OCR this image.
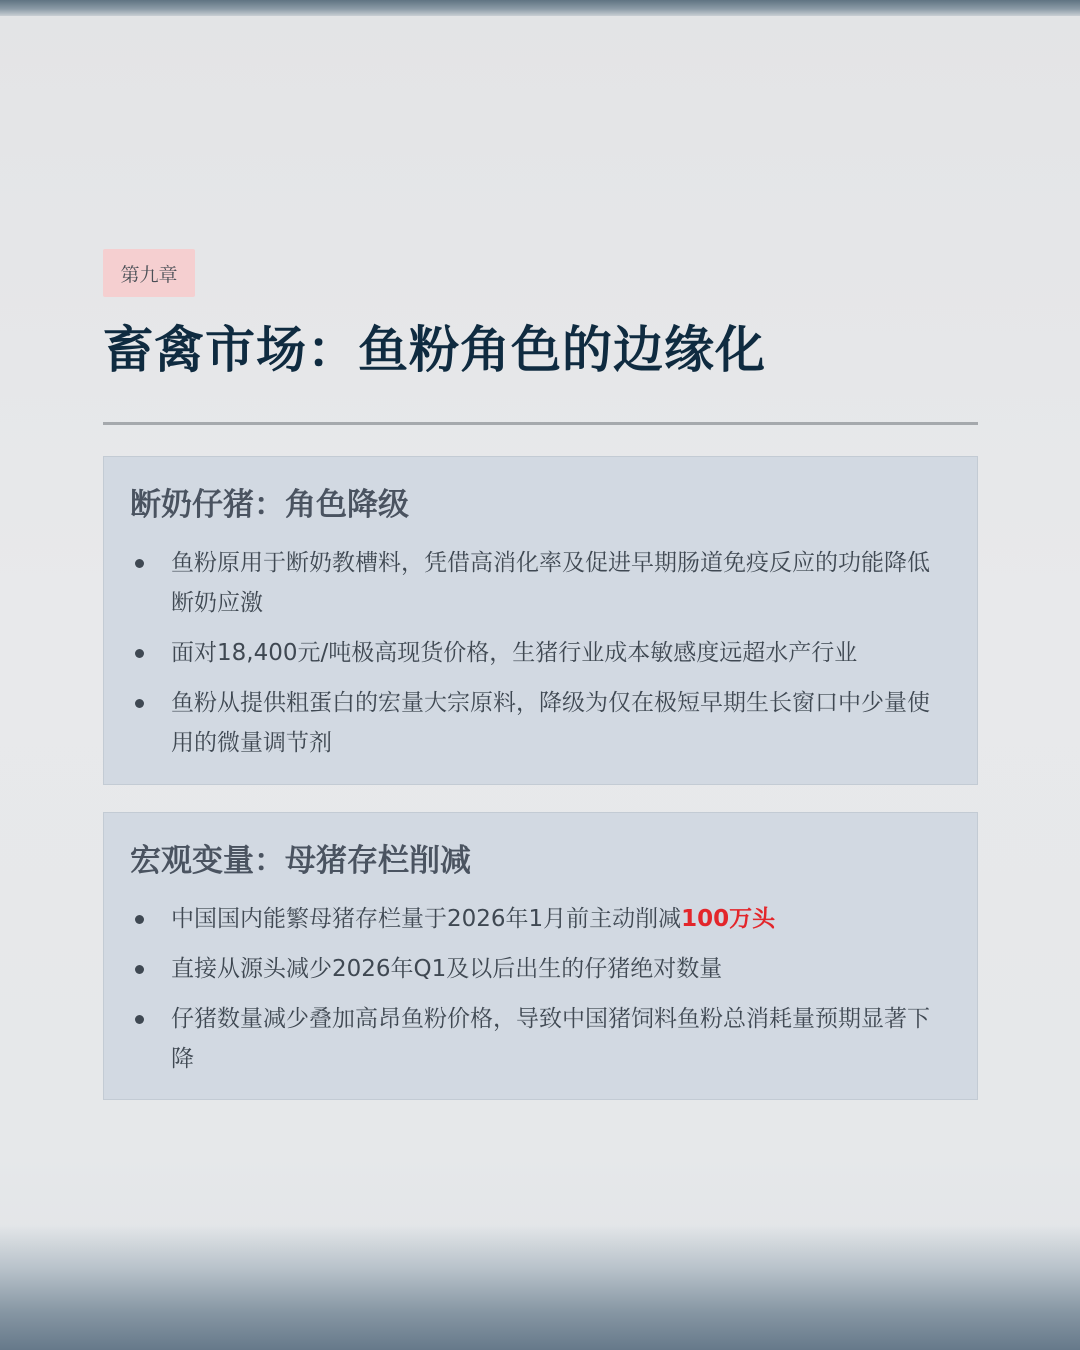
第九章
畜禽市场：鱼粉角色的边缘化
断奶仔猪：角色降级
鱼粉原用于断奶教槽料，凭借高消化率及促进早期肠道免疫反应的功能降低断奶应激
面对18,400元/吨极高现货价格，生猪行业成本敏感度远超水产行业
鱼粉从提供粗蛋白的宏量大宗原料，降级为仅在极短早期生长窗口中少量使用的微量调节剂
宏观变量：母猪存栏削减
中国国内能繁母猪存栏量于2026年1月前主动削减100万头
直接从源头减少2026年Q1及以后出生的仔猪绝对数量
仔猪数量减少叠加高昂鱼粉价格，导致中国猪饲料鱼粉总消耗量预期显著下降
